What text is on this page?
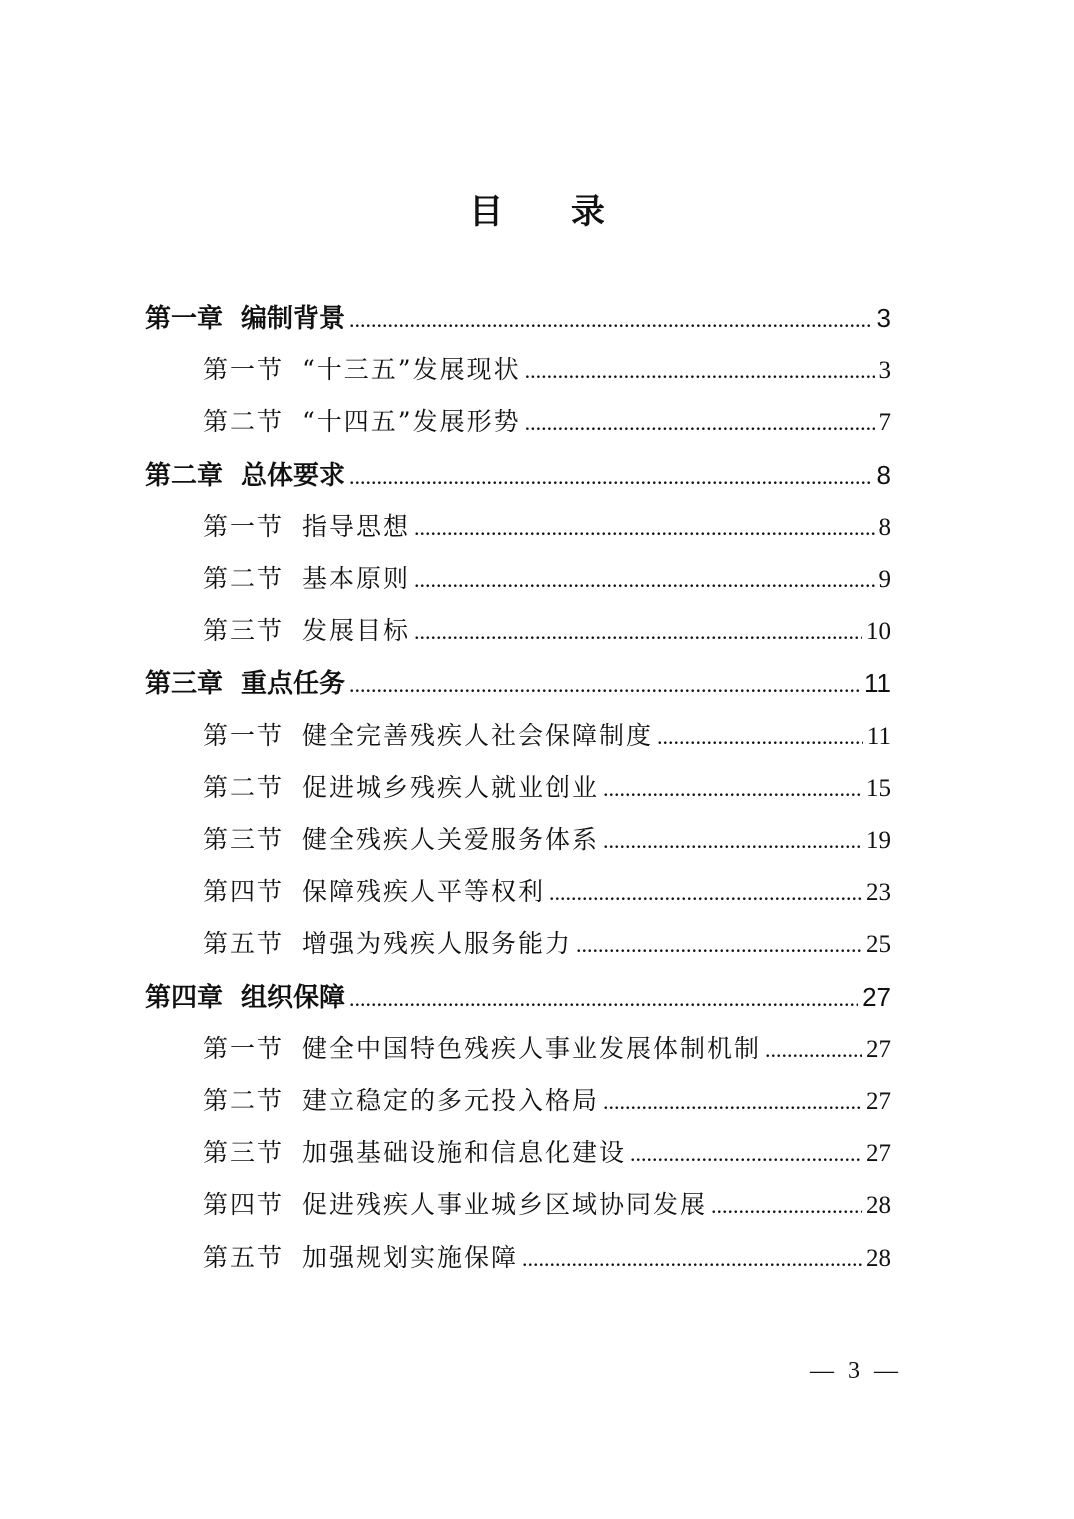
目 录
第一章 编制背景 .....	3
第一节 “十三五”发展现状 .....	3
第二节 “十四五”发展形势 .....	7
第二章 总体要求 .....	8
第一节 指导思想 .....	8
第二节 基本原则 .....	9
第三节 发展目标 .....	10
第三章 重点任务 .....	11
第一节 健全完善残疾人社会保障制度 .....	11
第二节 促进城乡残疾人就业创业 .....	15
第三节 健全残疾人关爱服务体系 .....	19
第四节 保障残疾人平等权利 .....	23
第五节 增强为残疾人服务能力 .....	25
第四章 组织保障 .....	27
第一节 健全中国特色残疾人事业发展体制机制 .....	27
第二节 建立稳定的多元投入格局 .....	27
第三节 加强基础设施和信息化建设 .....	27
第四节 促进残疾人事业城乡区域协同发展 .....	28
第五节 加强规划实施保障 .....	28
— 3 —
